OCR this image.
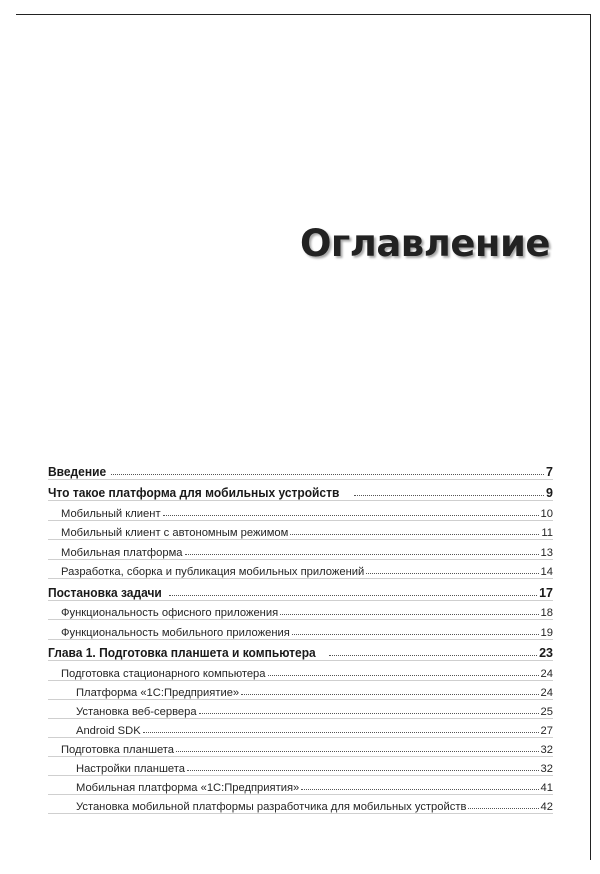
Оглавление
Введение	7
Что такое платформа для мобильных устройств	9
Мобильный клиент	10
Мобильный клиент с автономным режимом	11
Мобильная платформа	13
Разработка, сборка и публикация мобильных приложений	14
Постановка задачи	17
Функциональность офисного приложения	18
Функциональность мобильного приложения	19
Глава 1. Подготовка планшета и компьютера	23
Подготовка стационарного компьютера	24
Платформа «1С:Предприятие»	24
Установка веб-сервера	25
Android SDK	27
Подготовка планшета	32
Настройки планшета	32
Мобильная платформа «1С:Предприятия»	41
Установка мобильной платформы разработчика для мобильных устройств	42
